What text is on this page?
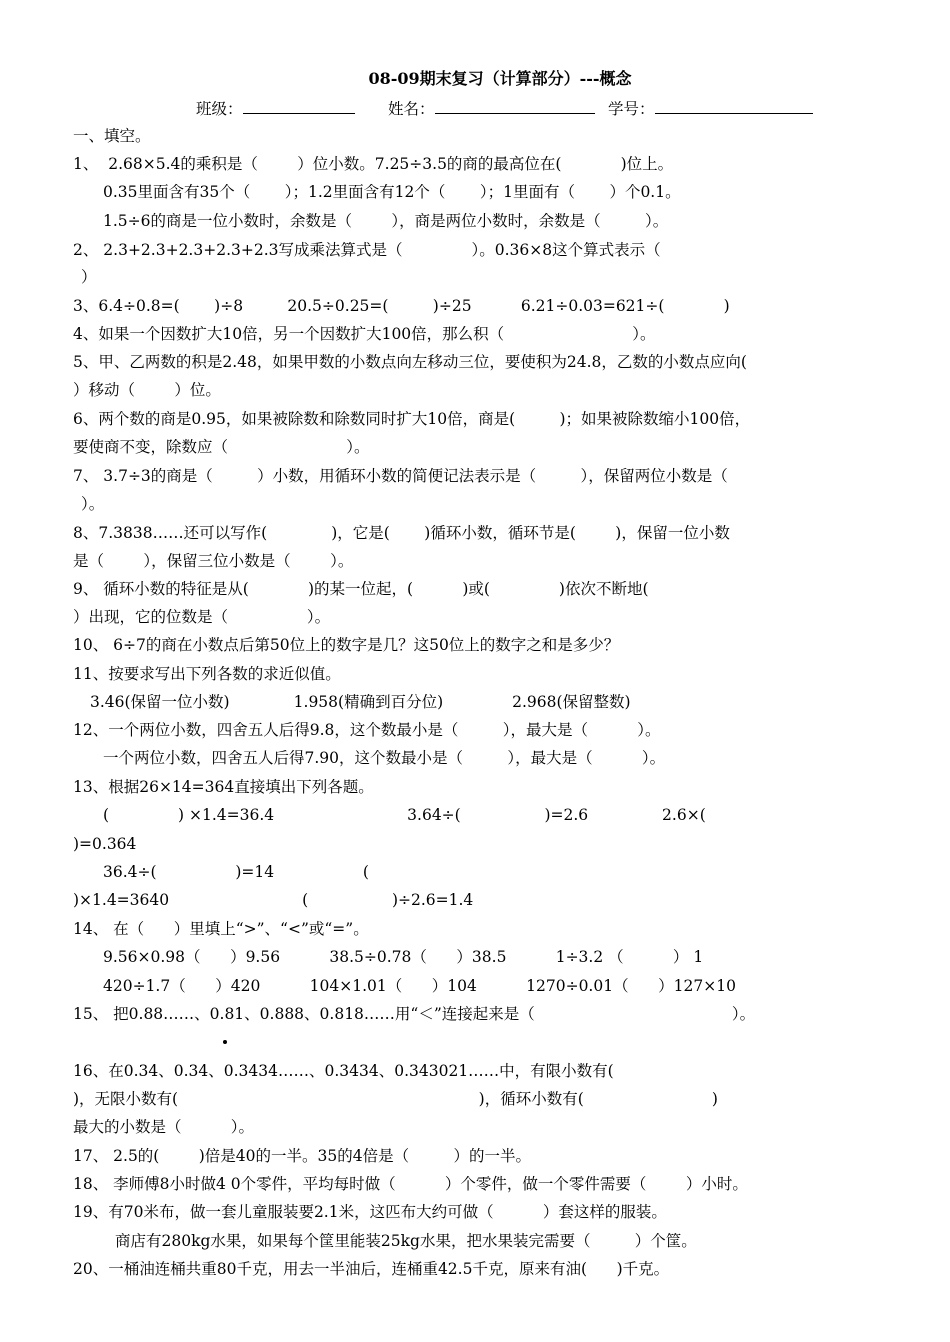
08-09期末复习（计算部分）---概念
班级：	姓名：	学号：
一、填空。
1、  2.68×5.4的乘积是（        ）位小数。7.25÷3.5的商的最高位在(            )位上。
0.35里面含有35个（       ）；1.2里面含有12个（       ）；1里面有（       ）个0.1。
1.5÷6的商是一位小数时，余数是（        ），商是两位小数时，余数是（         ）。
2、 2.3+2.3+2.3+2.3+2.3写成乘法算式是（              ）。0.36×8这个算式表示（
）
3、6.4÷0.8=(       )÷8         20.5÷0.25=(         )÷25          6.21÷0.03=621÷(            )
4、如果一个因数扩大10倍，另一个因数扩大100倍，那么积（                          ）。
5、甲、乙两数的积是2.48，如果甲数的小数点向左移动三位，要使积为24.8，乙数的小数点应向(
）移动（        ）位。
6、两个数的商是0.95，如果被除数和除数同时扩大10倍，商是(         )；如果被除数缩小100倍，
要使商不变，除数应（                        ）。
7、 3.7÷3的商是（         ）小数，用循环小数的简便记法表示是（         ），保留两位小数是（
）。
8、7.3838……还可以写作(             )，它是(       )循环小数，循环节是(        )，保留一位小数
是（        ），保留三位小数是（        ）。
9、 循环小数的特征是从(            )的某一位起，(          )或(              )依次不断地(
）出现，它的位数是（                ）。
10、 6÷7的商在小数点后第50位上的数字是几？这50位上的数字之和是多少？
11、按要求写出下列各数的求近似值。
3.46(保留一位小数)             1.958(精确到百分位)              2.968(保留整数)
12、一个两位小数，四舍五人后得9.8，这个数最小是（         ），最大是（          ）。
一个两位小数，四舍五人后得7.90，这个数最小是（         ），最大是（          ）。
13、根据26×14=364直接填出下列各题。
(              ) ×1.4=36.4                           3.64÷(                 )=2.6               2.6×(
)=0.364
36.4÷(                )=14                  (
)×1.4=3640                           (                 )÷2.6=1.4
14、 在（      ）里填上“>”、“<”或“=”。
9.56×0.98（      ）9.56          38.5÷0.78（      ）38.5          1÷3.2 （          ） 1
420÷1.7（      ）420          104×1.01（      ）104          1270÷0.01（      ）127×10
15、 把0.88……、0.81、0.888、0.818……用“＜”连接起来是（                                        ）。
16、在0.34、0.34、0.3434……、0.3434、0.343021……中，有限小数有(
)，无限小数有(                                                             )，循环小数有(                          )
最大的小数是（          ）。
17、 2.5的(        )倍是40的一半。35的4倍是（         ）的一半。
18、 李师傅8小时做4 0个零件，平均每时做（          ）个零件，做一个零件需要（        ）小时。
19、有70米布，做一套儿童服装要2.1米，这匹布大约可做（          ）套这样的服装。
商店有280kg水果，如果每个筐里能装25kg水果，把水果装完需要（         ）个筐。
20、一桶油连桶共重80千克，用去一半油后，连桶重42.5千克，原来有油(      )千克。
